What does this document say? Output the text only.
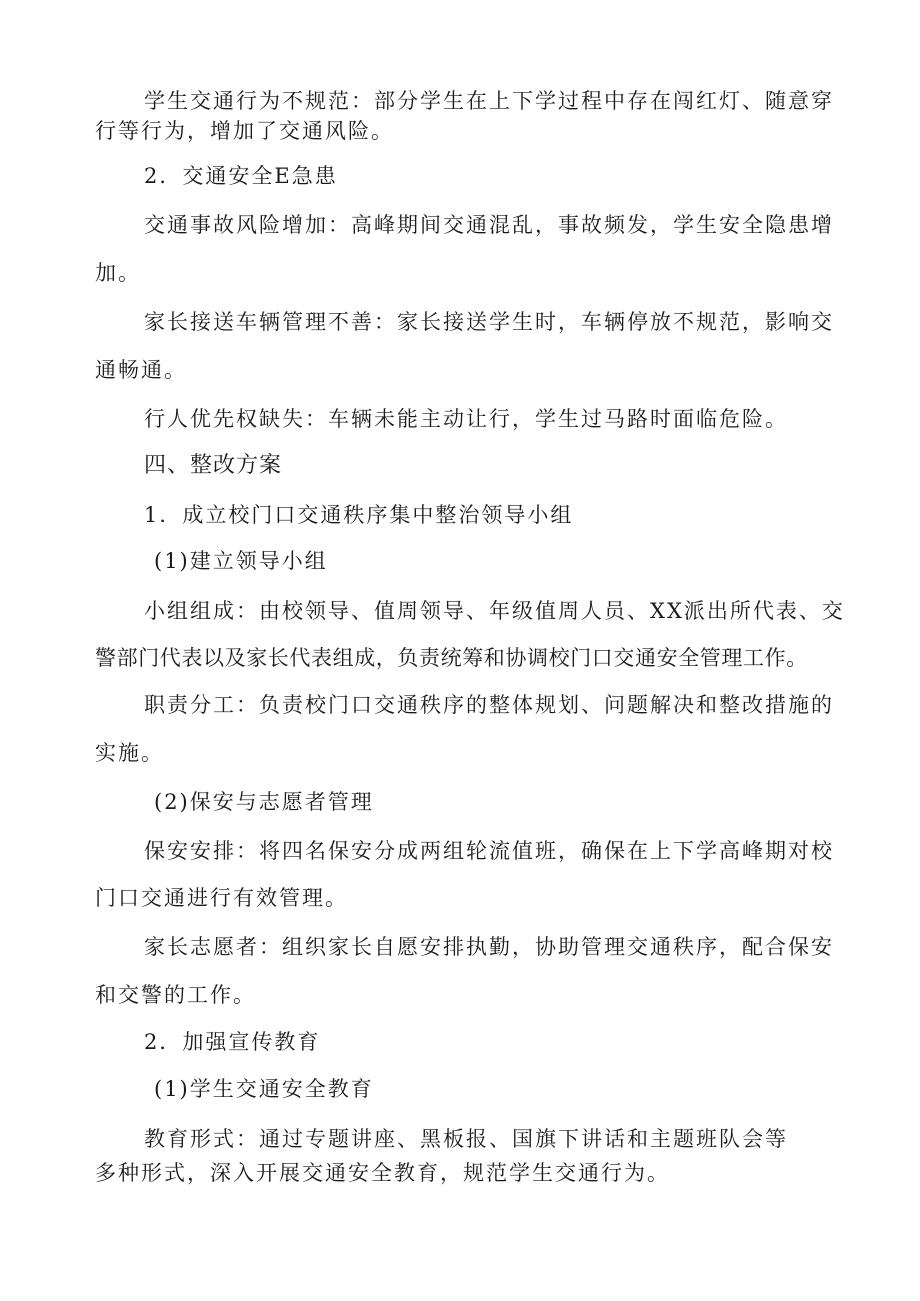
学生交通行为不规范：部分学生在上下学过程中存在闯红灯、随意穿

行等行为，增加了交通风险。

2．交通安全E急患

交通事故风险增加：高峰期间交通混乱，事故频发，学生安全隐患增

加。

家长接送车辆管理不善：家长接送学生时，车辆停放不规范，影响交

通畅通。

行人优先权缺失：车辆未能主动让行，学生过马路时面临危险。

四、整改方案

1．成立校门口交通秩序集中整治领导小组

(1)建立领导小组

小组组成：由校领导、值周领导、年级值周人员、XX派出所代表、交

警部门代表以及家长代表组成，负责统筹和协调校门口交通安全管理工作。

职责分工：负责校门口交通秩序的整体规划、问题解决和整改措施的

实施。

(2)保安与志愿者管理

保安安排：将四名保安分成两组轮流值班，确保在上下学高峰期对校

门口交通进行有效管理。

家长志愿者：组织家长自愿安排执勤，协助管理交通秩序，配合保安

和交警的工作。

2．加强宣传教育

(1)学生交通安全教育

教育形式：通过专题讲座、黑板报、国旗下讲话和主题班队会等

多种形式，深入开展交通安全教育，规范学生交通行为。
